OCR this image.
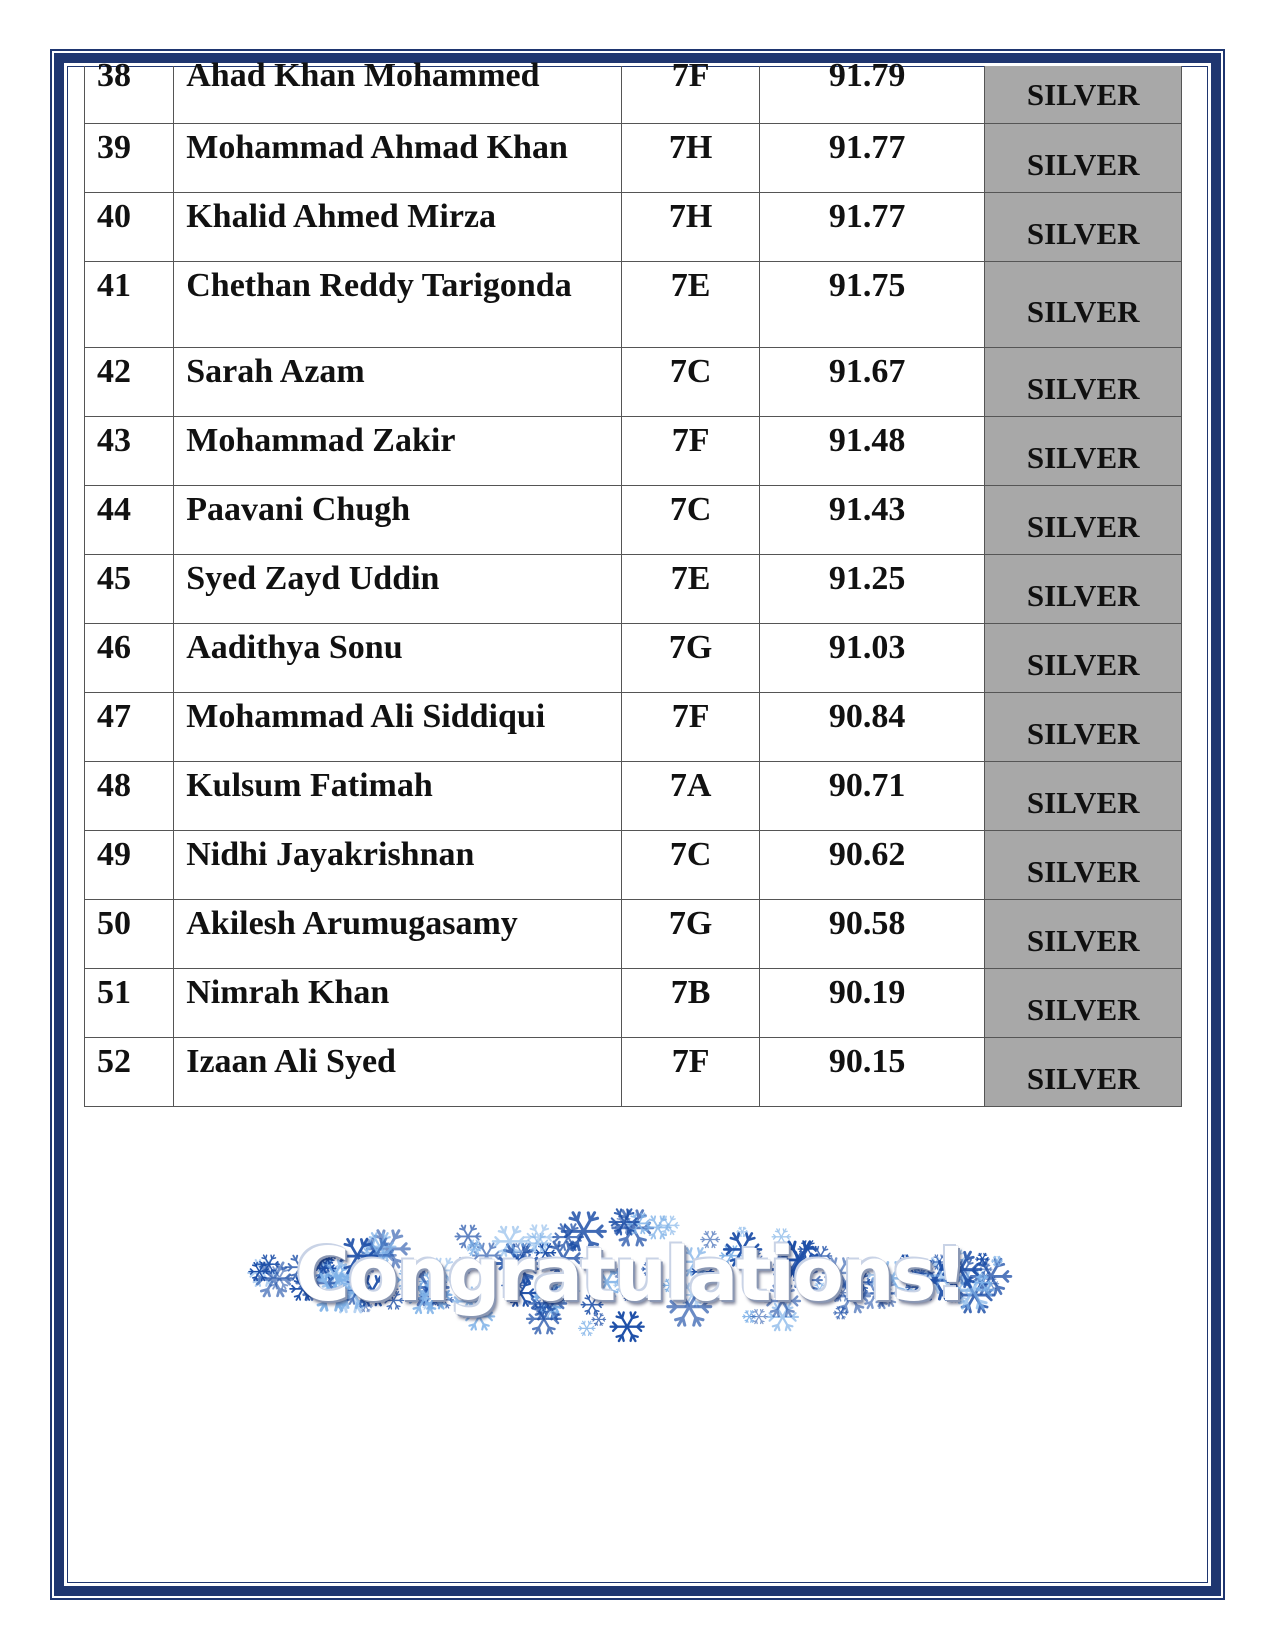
38	Ahad Khan Mohammed	7F	91.79	SILVER

39	Mohammad Ahmad Khan	7H	91.77	SILVER

40	Khalid Ahmed Mirza	7H	91.77	SILVER

41	Chethan Reddy Tarigonda	7E	91.75	SILVER

42	Sarah Azam	7C	91.67	SILVER

43	Mohammad Zakir	7F	91.48	SILVER

44	Paavani Chugh	7C	91.43	SILVER

45	Syed Zayd Uddin	7E	91.25	SILVER

46	Aadithya Sonu	7G	91.03	SILVER

47	Mohammad Ali Siddiqui	7F	90.84	SILVER

48	Kulsum Fatimah	7A	90.71	SILVER

49	Nidhi Jayakrishnan	7C	90.62	SILVER

50	Akilesh Arumugasamy	7G	90.58	SILVER

51	Nimrah Khan	7B	90.19	SILVER

52	Izaan Ali Syed	7F	90.15	SILVER
Congratulations!
